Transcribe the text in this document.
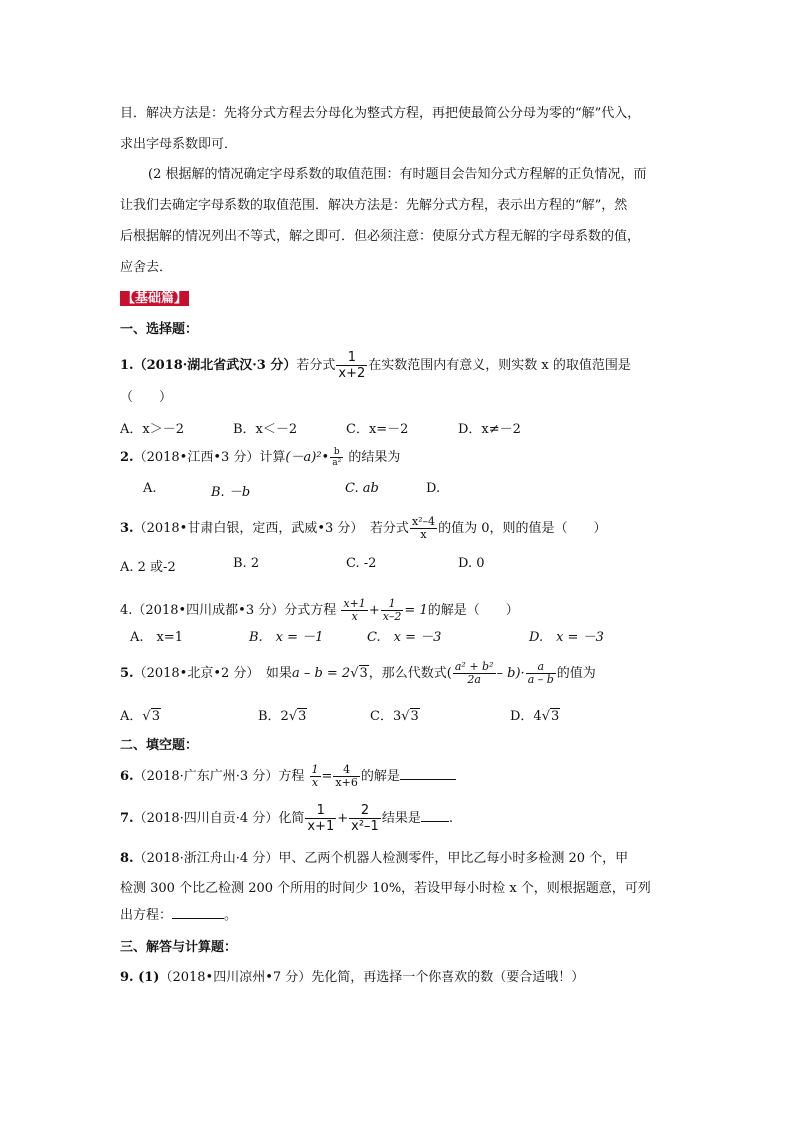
目．解决方法是：先将分式方程去分母化为整式方程，再把使最简公分母为零的“解”代入，
求出字母系数即可．
(2 根据解的情况确定字母系数的取值范围：有时题目会告知分式方程解的正负情况，而
让我们去确定字母系数的取值范围．解决方法是：先解分式方程，表示出方程的“解”，然
后根据解的情况列出不等式，解之即可．但必须注意：使原分式方程无解的字母系数的值，
应舍去．
【基础篇】
一、选择题：
1.（2018·湖北省武汉·3 分）若分式 $\frac{1}{x+2}$ 在实数范围内有意义，则实数 x 的取值范围是
（　　）
A．x＞－2	B．x＜－2	C．x=－2	D．x≠－2
2.（2018•江西•3 分）计算(－a)²• $\frac{b}{\text{a²}}$ 的结果为
A.	B. －b	C. ab	D.
3.（2018•甘肃白银，定西，武威•3 分）　 若分式 $\frac{\text{x²–4}}{x}$ 的值为 0，则的值是（　　）
A. 2 或-2	B. 2	C. -2	D. 0
4.（2018•四川成都•3 分）分式方程 $\frac{x+1}{x} + \frac{1}{x-2} = 1$的解是（　　）
A.　x=1	B.　x = －1	C.　x = －3	D.　x = －3
5.（2018•北京•2 分）　 如果a – b = 2√3，那么代数式( $\frac{\text{a² + b²}}{2a} - b)\cdot \frac{a}{a - b}$ 的值为
A．√3	B．2√3	C．3√3	D．4√3
二、填空题：
6.（2018·广东广州·3 分）方程 $\frac{1}{x} = \frac{4}{x+6}$ 的解是
7.（2018·四川自贡·4 分）化简 $\frac{1}{x+1} + \frac{2}{\text{x²–1}}$ 结果是 .
8.（2018·浙江舟山·4 分）甲、乙两个机器人检测零件，甲比乙每小时多检测 20 个，甲
检测 300 个比乙检测 200 个所用的时间少 10%，若设甲每小时检 x 个，则根据题意，可列
出方程：	。
三、解答与计算题：
9. (1)（2018•四川凉州•7 分）先化简，再选择一个你喜欢的数（要合适哦！）
